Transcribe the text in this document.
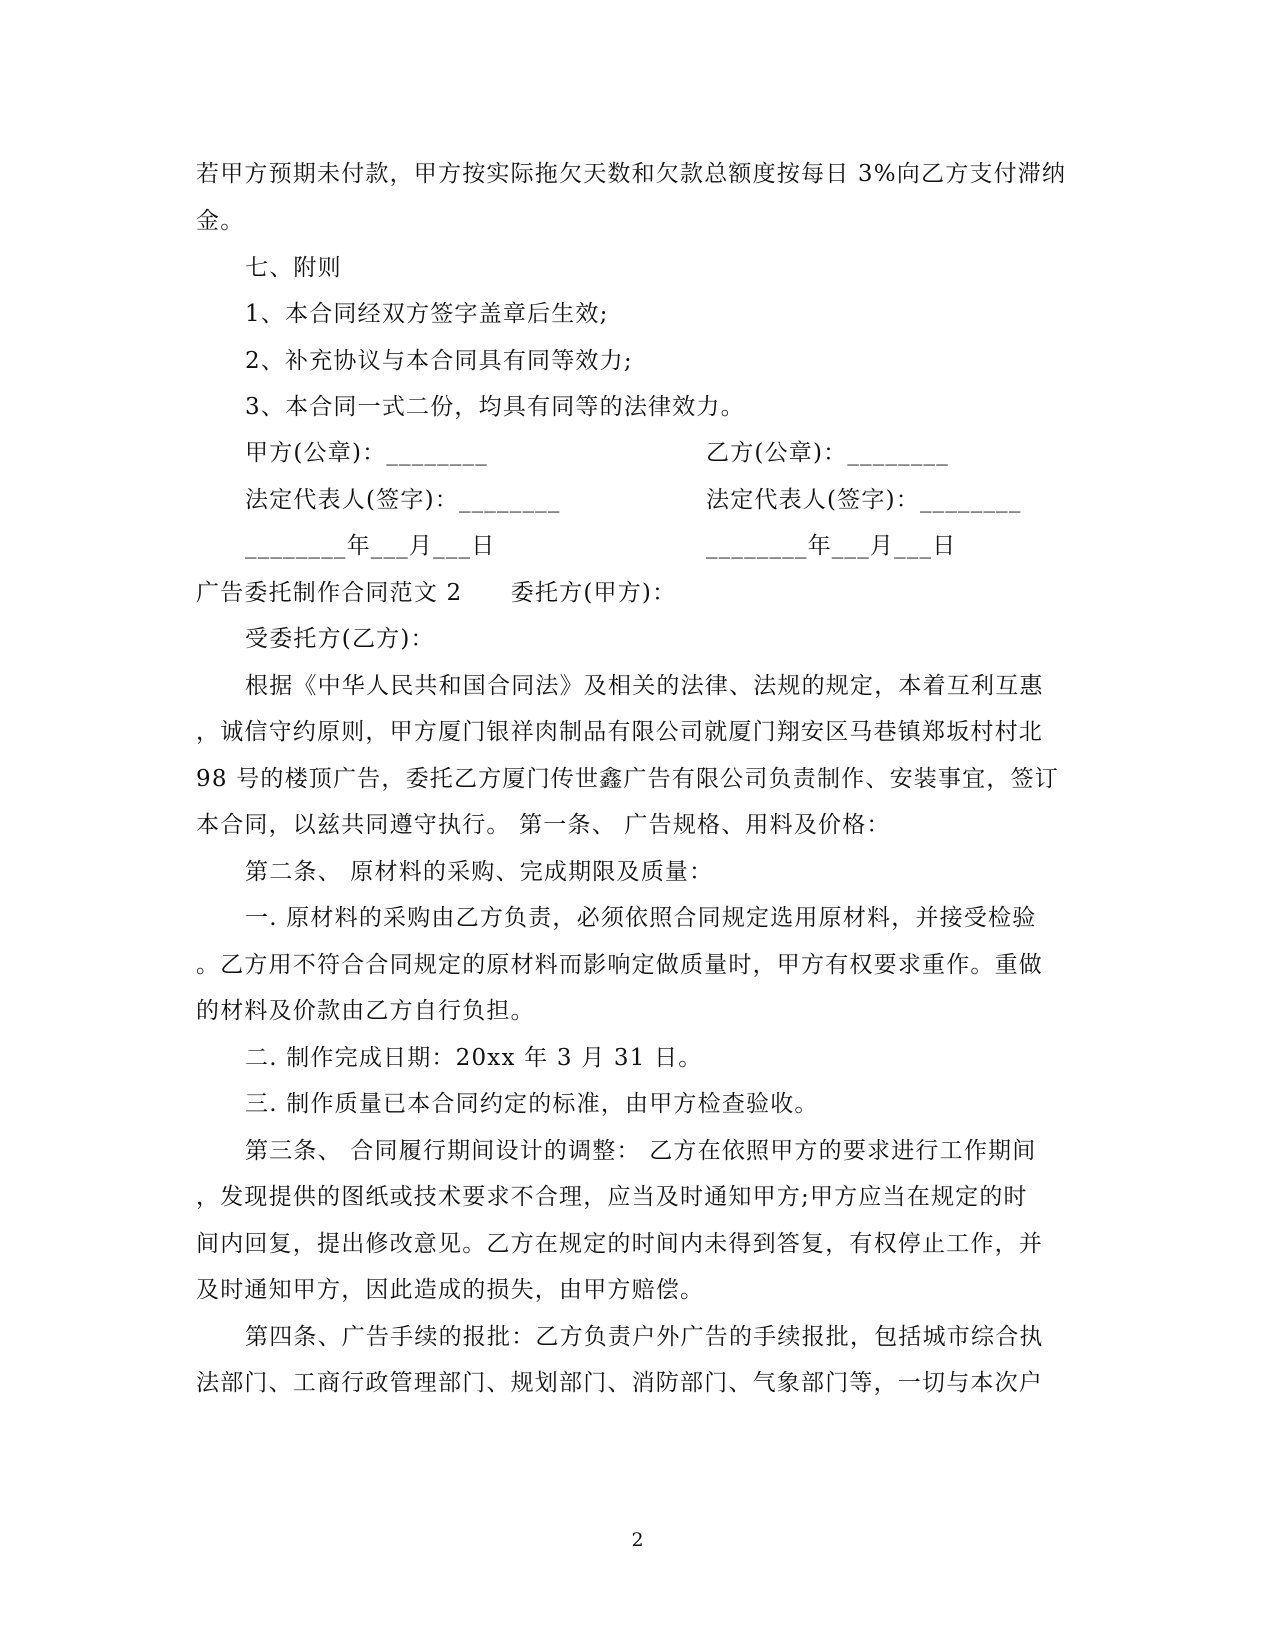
若甲方预期未付款，甲方按实际拖欠天数和欠款总额度按每日 3%向乙方支付滞纳
金。
七、附则
1、本合同经双方签字盖章后生效;
2、补充协议与本合同具有同等效力;
3、本合同一式二份，均具有同等的法律效力。
甲方(公章)：________	乙方(公章)：________
法定代表人(签字)：________	法定代表人(签字)：________
________年___月___日	________年___月___日
广告委托制作合同范文 2　　委托方(甲方)：
受委托方(乙方)：
根据《中华人民共和国合同法》及相关的法律、法规的规定，本着互利互惠
，诚信守约原则，甲方厦门银祥肉制品有限公司就厦门翔安区马巷镇郑坂村村北
98 号的楼顶广告，委托乙方厦门传世鑫广告有限公司负责制作、安装事宜，签订
本合同，以兹共同遵守执行。 第一条、 广告规格、用料及价格：
第二条、 原材料的采购、完成期限及质量：
一. 原材料的采购由乙方负责，必须依照合同规定选用原材料，并接受检验
。乙方用不符合合同规定的原材料而影响定做质量时，甲方有权要求重作。重做
的材料及价款由乙方自行负担。
二. 制作完成日期：20xx 年 3 月 31 日。
三. 制作质量已本合同约定的标准，由甲方检查验收。
第三条、 合同履行期间设计的调整： 乙方在依照甲方的要求进行工作期间
，发现提供的图纸或技术要求不合理，应当及时通知甲方;甲方应当在规定的时
间内回复，提出修改意见。乙方在规定的时间内未得到答复，有权停止工作，并
及时通知甲方，因此造成的损失，由甲方赔偿。
第四条、广告手续的报批：乙方负责户外广告的手续报批，包括城市综合执
法部门、工商行政管理部门、规划部门、消防部门、气象部门等，一切与本次户
2
